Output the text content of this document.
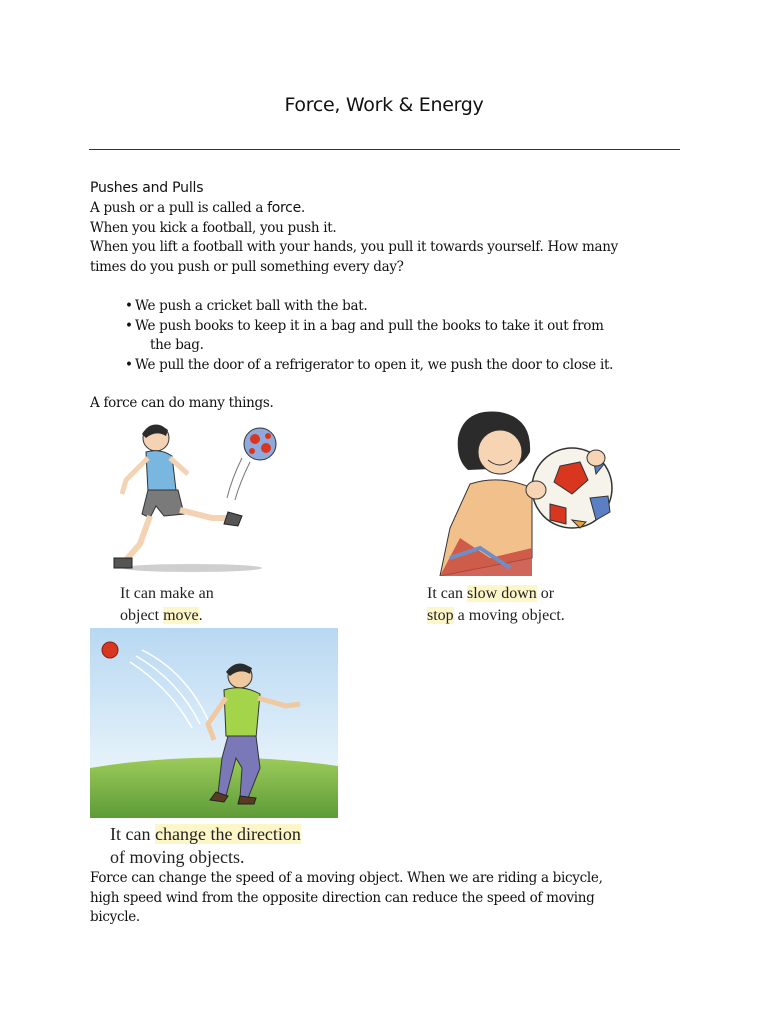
Force, Work & Energy
Pushes and Pulls
A push or a pull is called a force.
When you kick a football, you push it.
When you lift a football with your hands, you pull it towards yourself. How many
times do you push or pull something every day?
• We push a cricket ball with the bat.
• We push books to keep it in a bag and pull the books to take it out from
the bag.
• We pull the door of a refrigerator to open it, we push the door to close it.
A force can do many things.
It can make an
object move.
It can slow down or
stop a moving object.
It can change the direction
of moving objects.
Force can change the speed of a moving object. When we are riding a bicycle,
high speed wind from the opposite direction can reduce the speed of moving
bicycle.
